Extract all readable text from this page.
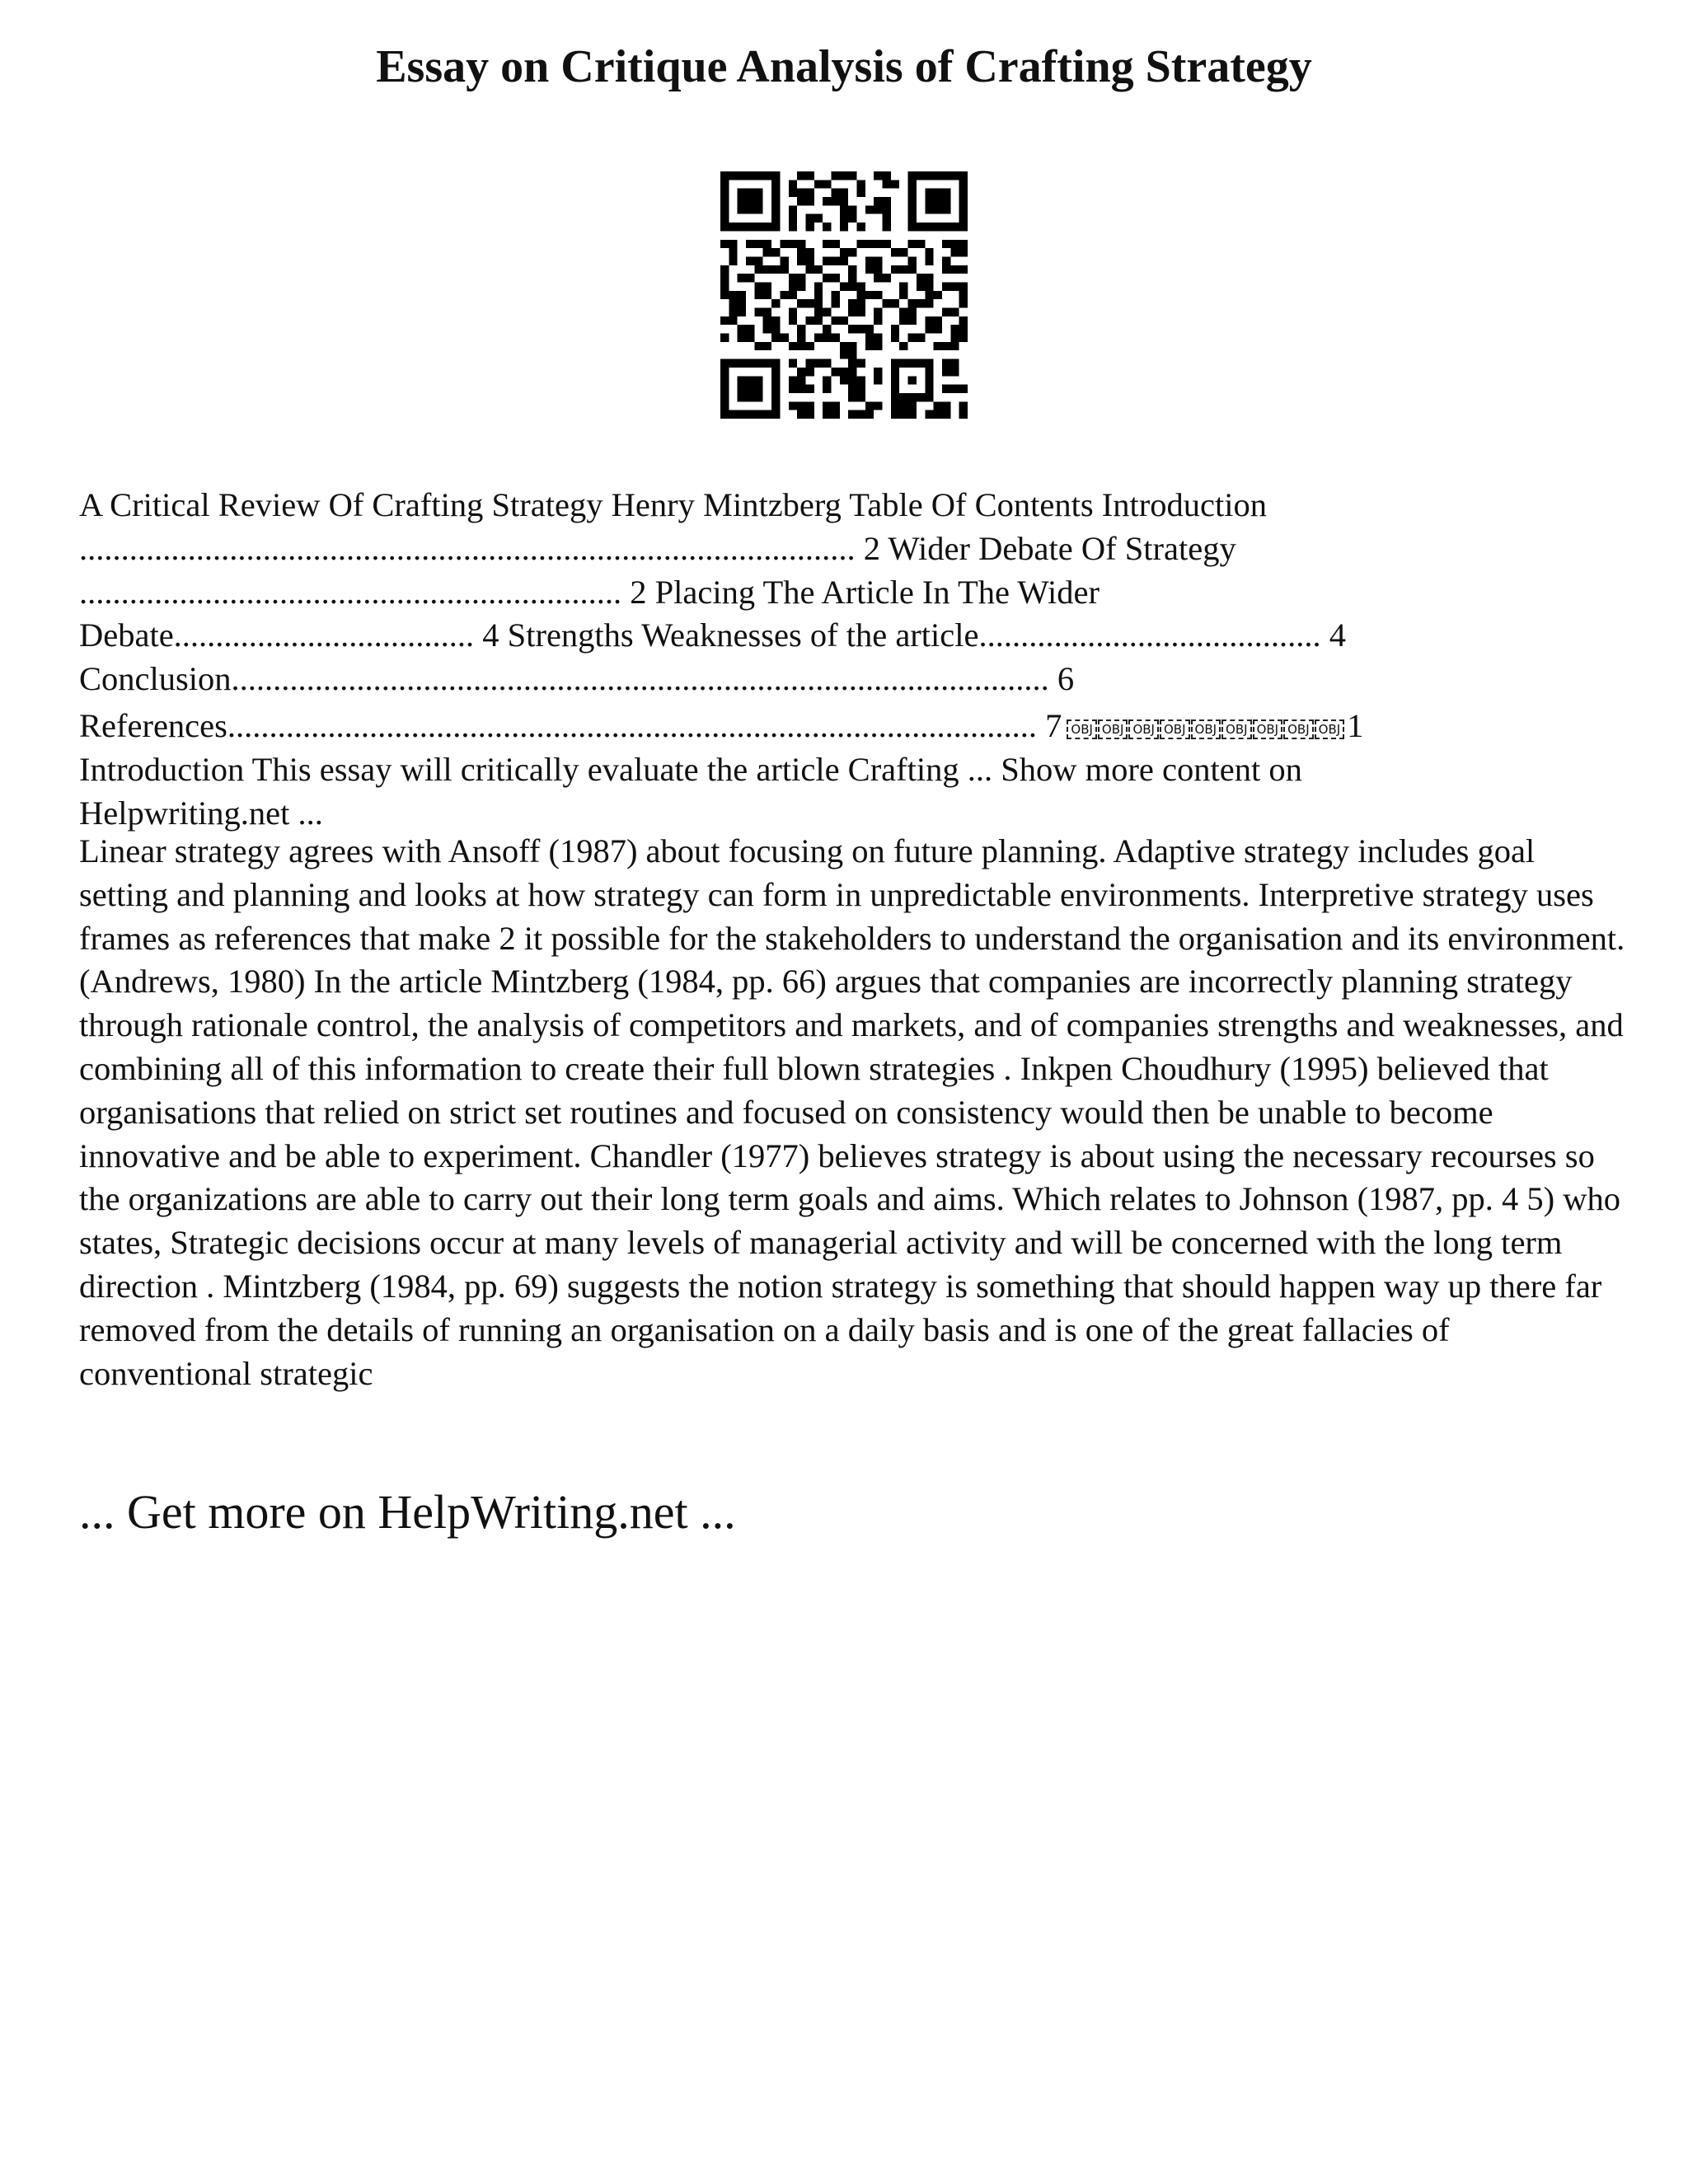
Essay on Critique Analysis of Crafting Strategy
A Critical Review Of Crafting Strategy Henry Mintzberg Table Of Contents Introduction
............................................................................................. 2 Wider Debate Of Strategy
................................................................. 2 Placing The Article In The Wider
Debate.................................... 4 Strengths Weaknesses of the article......................................... 4
Conclusion.................................................................................................. 6
References................................................................................................. 7 OBJ OBJ OBJ OBJ OBJ OBJ OBJ OBJ OBJ 1
Introduction This essay will critically evaluate the article Crafting ... Show more content on
Helpwriting.net ...

Linear strategy agrees with Ansoff (1987) about focusing on future planning. Adaptive strategy includes goal setting and planning and looks at how strategy can form in unpredictable environments. Interpretive strategy uses frames as references that make 2 it possible for the stakeholders to understand the organisation and its environment. (Andrews, 1980) In the article Mintzberg (1984, pp. 66) argues that companies are incorrectly planning strategy through rationale control, the analysis of competitors and markets, and of companies strengths and weaknesses, and combining all of this information to create their full blown strategies . Inkpen Choudhury (1995) believed that organisations that relied on strict set routines and focused on consistency would then be unable to become innovative and be able to experiment. Chandler (1977) believes strategy is about using the necessary recourses so the organizations are able to carry out their long term goals and aims. Which relates to Johnson (1987, pp. 4 5) who states, Strategic decisions occur at many levels of managerial activity and will be concerned with the long term direction . Mintzberg (1984, pp. 69) suggests the notion strategy is something that should happen way up there far removed from the details of running an organisation on a daily basis and is one of the great fallacies of conventional strategic

... Get more on HelpWriting.net ...
